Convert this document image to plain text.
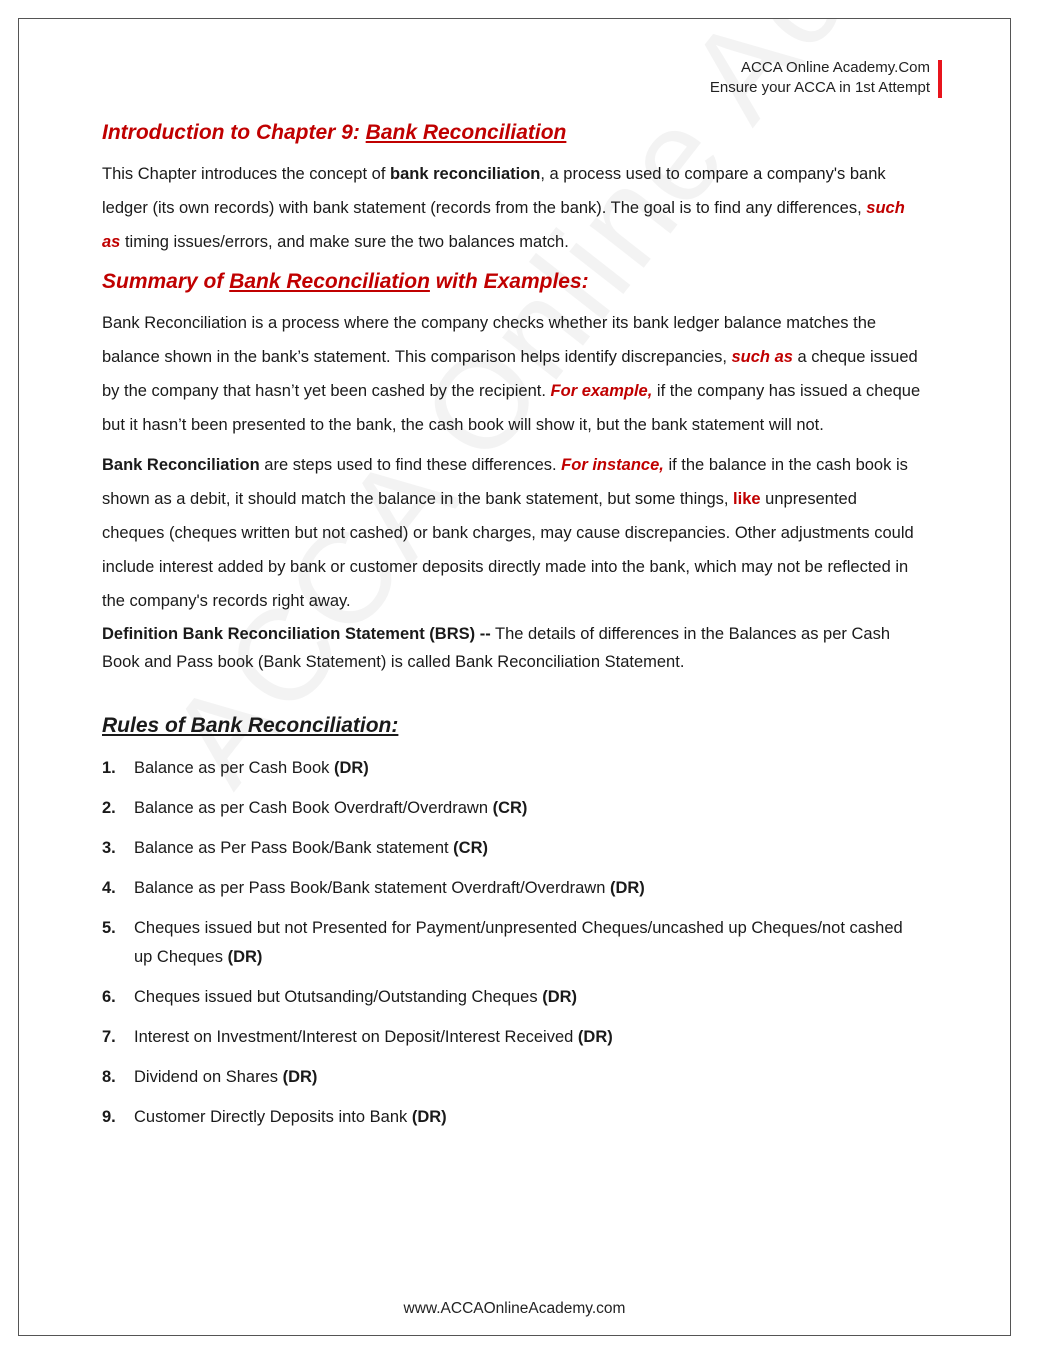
ACCA Online Academy.Com
Ensure your ACCA in 1st Attempt
Introduction to Chapter 9: Bank Reconciliation

This Chapter introduces the concept of bank reconciliation, a process used to compare a company's bank ledger (its own records) with bank statement (records from the bank). The goal is to find any differences, such as timing issues/errors, and make sure the two balances match.

Summary of Bank Reconciliation with Examples:

Bank Reconciliation is a process where the company checks whether its bank ledger balance matches the balance shown in the bank’s statement. This comparison helps identify discrepancies, such as a cheque issued by the company that hasn’t yet been cashed by the recipient. For example, if the company has issued a cheque but it hasn’t been presented to the bank, the cash book will show it, but the bank statement will not.

Bank Reconciliation are steps used to find these differences. For instance, if the balance in the cash book is shown as a debit, it should match the balance in the bank statement, but some things, like unpresented cheques (cheques written but not cashed) or bank charges, may cause discrepancies. Other adjustments could include interest added by bank or customer deposits directly made into the bank, which may not be reflected in the company's records right away.

Definition Bank Reconciliation Statement (BRS) -- The details of differences in the Balances as per Cash Book and Pass book (Bank Statement) is called Bank Reconciliation Statement.

Rules of Bank Reconciliation:
1. Balance as per Cash Book (DR)
2. Balance as per Cash Book Overdraft/Overdrawn (CR)
3. Balance as Per Pass Book/Bank statement (CR)
4. Balance as per Pass Book/Bank statement Overdraft/Overdrawn (DR)
5. Cheques issued but not Presented for Payment/unpresented Cheques/uncashed up Cheques/not cashed up Cheques (DR)
6. Cheques issued but Otutsanding/Outstanding Cheques (DR)
7. Interest on Investment/Interest on Deposit/Interest Received (DR)
8. Dividend on Shares (DR)
9. Customer Directly Deposits into Bank (DR)
www.ACCAOnlineAcademy.com
